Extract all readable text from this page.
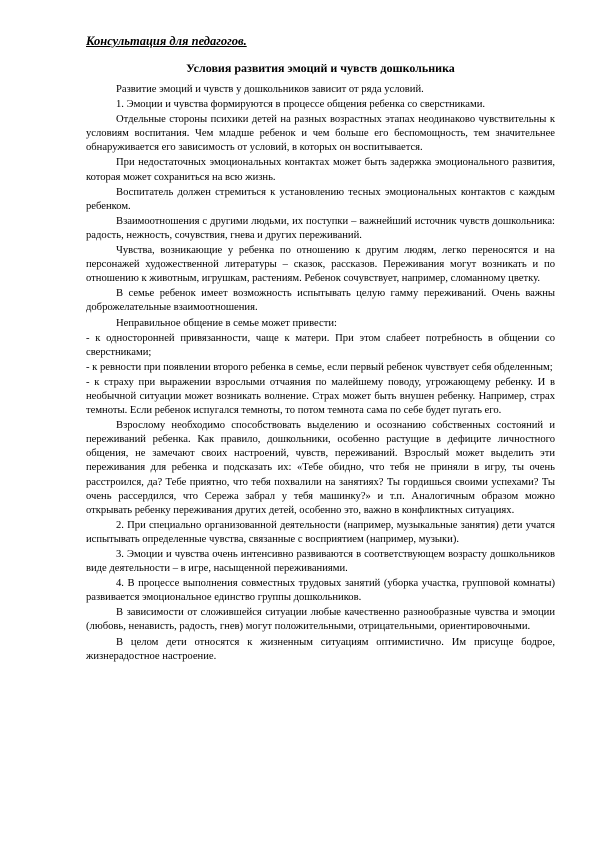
Консультация для педагогов.
Условия развития эмоций и чувств дошкольника

Развитие эмоций и чувств у дошкольников зависит от ряда условий.

1. Эмоции и чувства формируются в процессе общения ребенка со сверстниками.

Отдельные стороны психики детей на разных возрастных этапах неодинаково чувствительны к условиям воспитания. Чем младше ребенок и чем больше его беспомощность, тем значительнее обнаруживается его зависимость от условий, в которых он воспитывается.

При недостаточных эмоциональных контактах может быть задержка эмоционального развития, которая может сохраниться на всю жизнь.

Воспитатель должен стремиться к установлению тесных эмоциональных контактов с каждым ребенком.

Взаимоотношения с другими людьми, их поступки – важнейший источник чувств дошкольника: радость, нежность, сочувствия, гнева и других переживаний.

Чувства, возникающие у ребенка по отношению к другим людям, легко переносятся и на персонажей художественной литературы – сказок, рассказов. Переживания могут возникать и по отношению к животным, игрушкам, растениям. Ребенок сочувствует, например, сломанному цветку.

В семье ребенок имеет возможность испытывать целую гамму переживаний. Очень важны доброжелательные взаимоотношения.

Неправильное общение в семье может привести:

- к односторонней привязанности, чаще к матери. При этом слабеет потребность в общении со сверстниками;

- к ревности при появлении второго ребенка в семье, если первый ребенок чувствует себя обделенным;

- к страху при выражении взрослыми отчаяния по малейшему поводу, угрожающему ребенку. И в необычной ситуации может возникать волнение. Страх может быть внушен ребенку. Например, страх темноты. Если ребенок испугался темноты, то потом темнота сама по себе будет пугать его.

Взрослому необходимо способствовать выделению и осознанию собственных состояний и переживаний ребенка. Как правило, дошкольники, особенно растущие в дефиците личностного общения, не замечают своих настроений, чувств, переживаний. Взрослый может выделить эти переживания для ребенка и подсказать их: «Тебе обидно, что тебя не приняли в игру, ты очень расстроился, да? Тебе приятно, что тебя похвалили на занятиях? Ты гордишься своими успехами? Ты очень рассердился, что Сережа забрал у тебя машинку?» и т.п. Аналогичным образом можно открывать ребенку переживания других детей, особенно это, важно в конфликтных ситуациях.

2. При специально организованной деятельности (например, музыкальные занятия) дети учатся испытывать определенные чувства, связанные с восприятием (например, музыки).

3. Эмоции и чувства очень интенсивно развиваются в соответствующем возрасту дошкольников виде деятельности – в игре, насыщенной переживаниями.

4. В процессе выполнения совместных трудовых занятий (уборка участка, групповой комнаты) развивается эмоциональное единство группы дошкольников.

В зависимости от сложившейся ситуации любые качественно разнообразные чувства и эмоции (любовь, ненависть, радость, гнев) могут положительными, отрицательными, ориентировочными.

В целом дети относятся к жизненным ситуациям оптимистично. Им присуще бодрое, жизнерадостное настроение.
